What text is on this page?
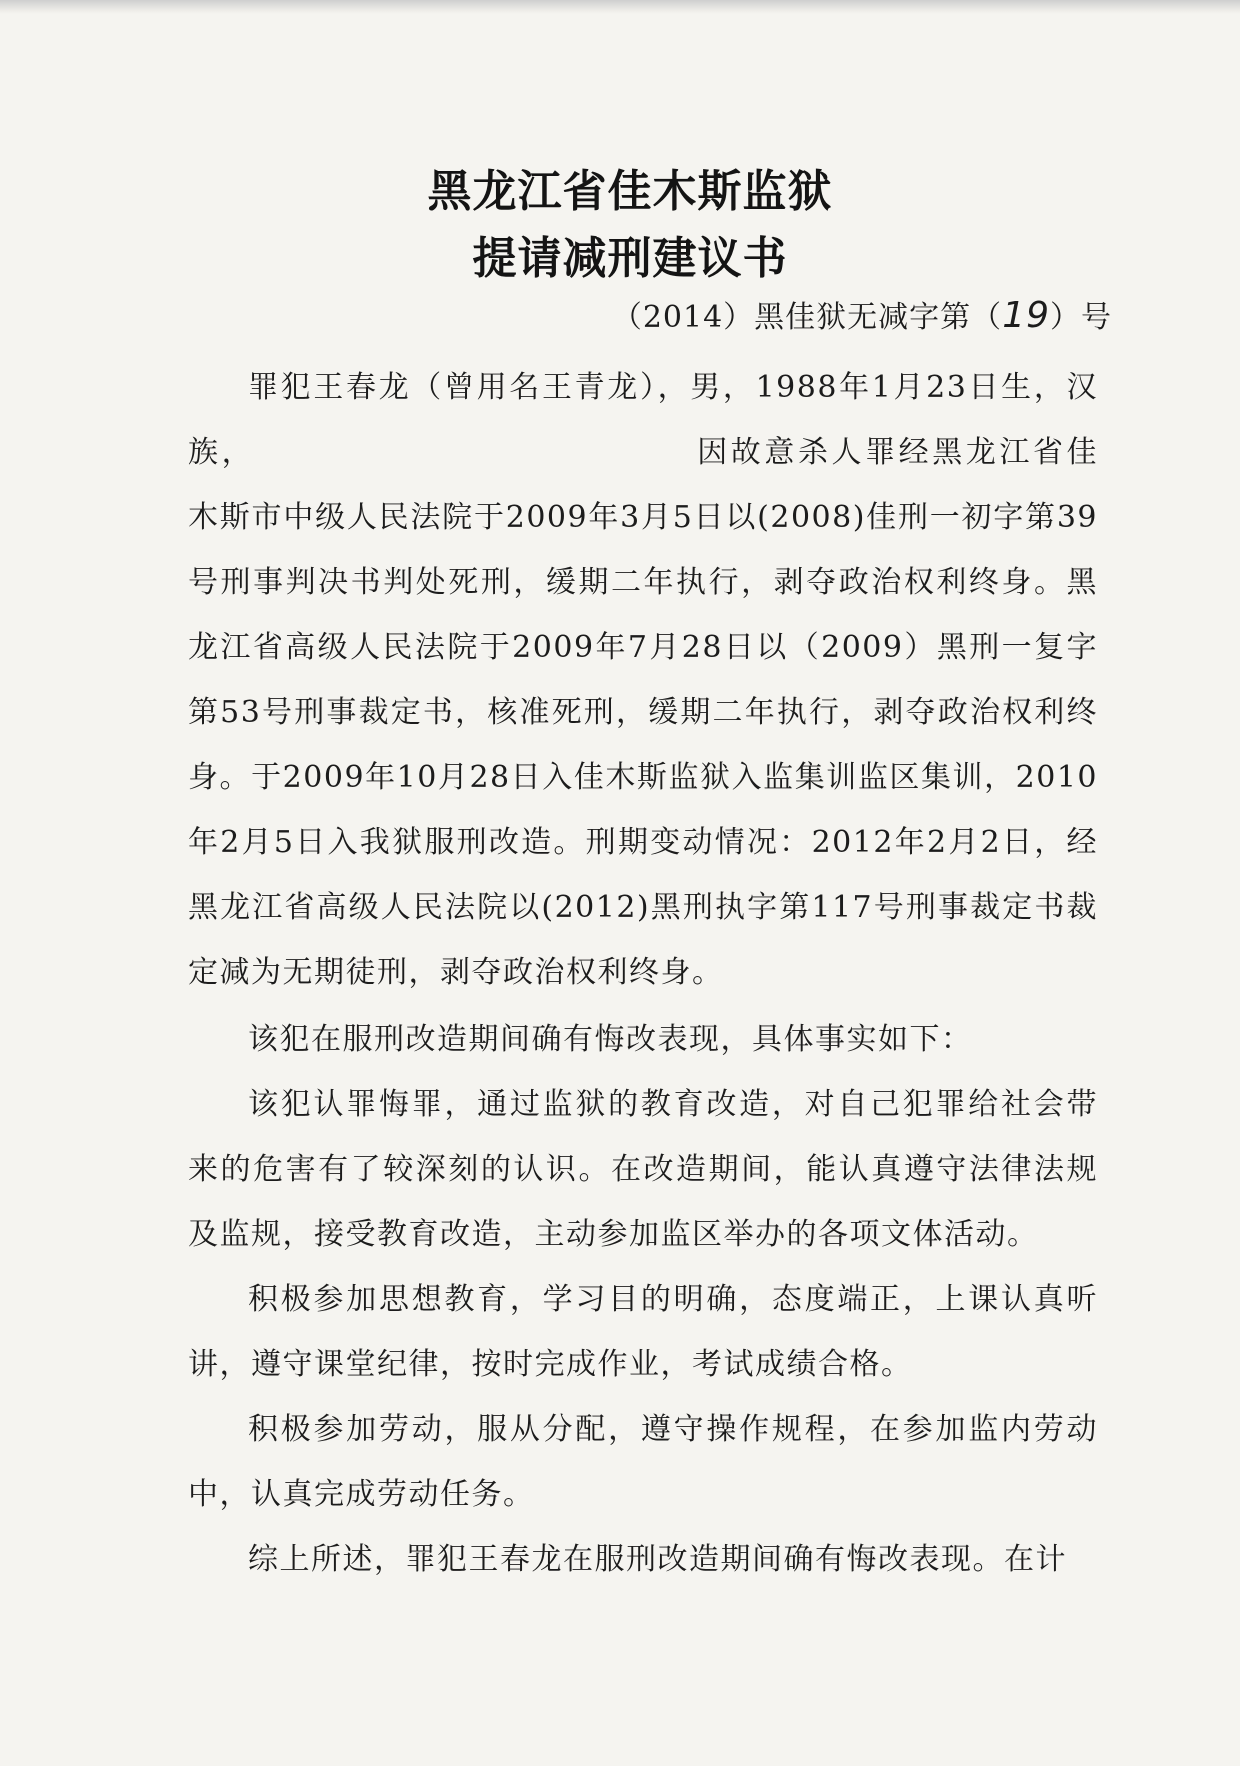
黑龙江省佳木斯监狱
提请减刑建议书
（2014）黑佳狱无减字第（19）号

罪犯王春龙（曾用名王青龙），男，1988年1月23日生，汉族，	因故意杀人罪经黑龙江省佳木斯市中级人民法院于2009年3月5日以(2008)佳刑一初字第39号刑事判决书判处死刑，缓期二年执行，剥夺政治权利终身。黑龙江省高级人民法院于2009年7月28日以（2009）黑刑一复字第53号刑事裁定书，核准死刑，缓期二年执行，剥夺政治权利终身。于2009年10月28日入佳木斯监狱入监集训监区集训，2010年2月5日入我狱服刑改造。刑期变动情况：2012年2月2日，经黑龙江省高级人民法院以(2012)黑刑执字第117号刑事裁定书裁定减为无期徒刑，剥夺政治权利终身。

该犯在服刑改造期间确有悔改表现，具体事实如下：

该犯认罪悔罪，通过监狱的教育改造，对自己犯罪给社会带来的危害有了较深刻的认识。在改造期间，能认真遵守法律法规及监规，接受教育改造，主动参加监区举办的各项文体活动。

积极参加思想教育，学习目的明确，态度端正，上课认真听讲，遵守课堂纪律，按时完成作业，考试成绩合格。

积极参加劳动，服从分配，遵守操作规程，在参加监内劳动中，认真完成劳动任务。

综上所述，罪犯王春龙在服刑改造期间确有悔改表现。在计
